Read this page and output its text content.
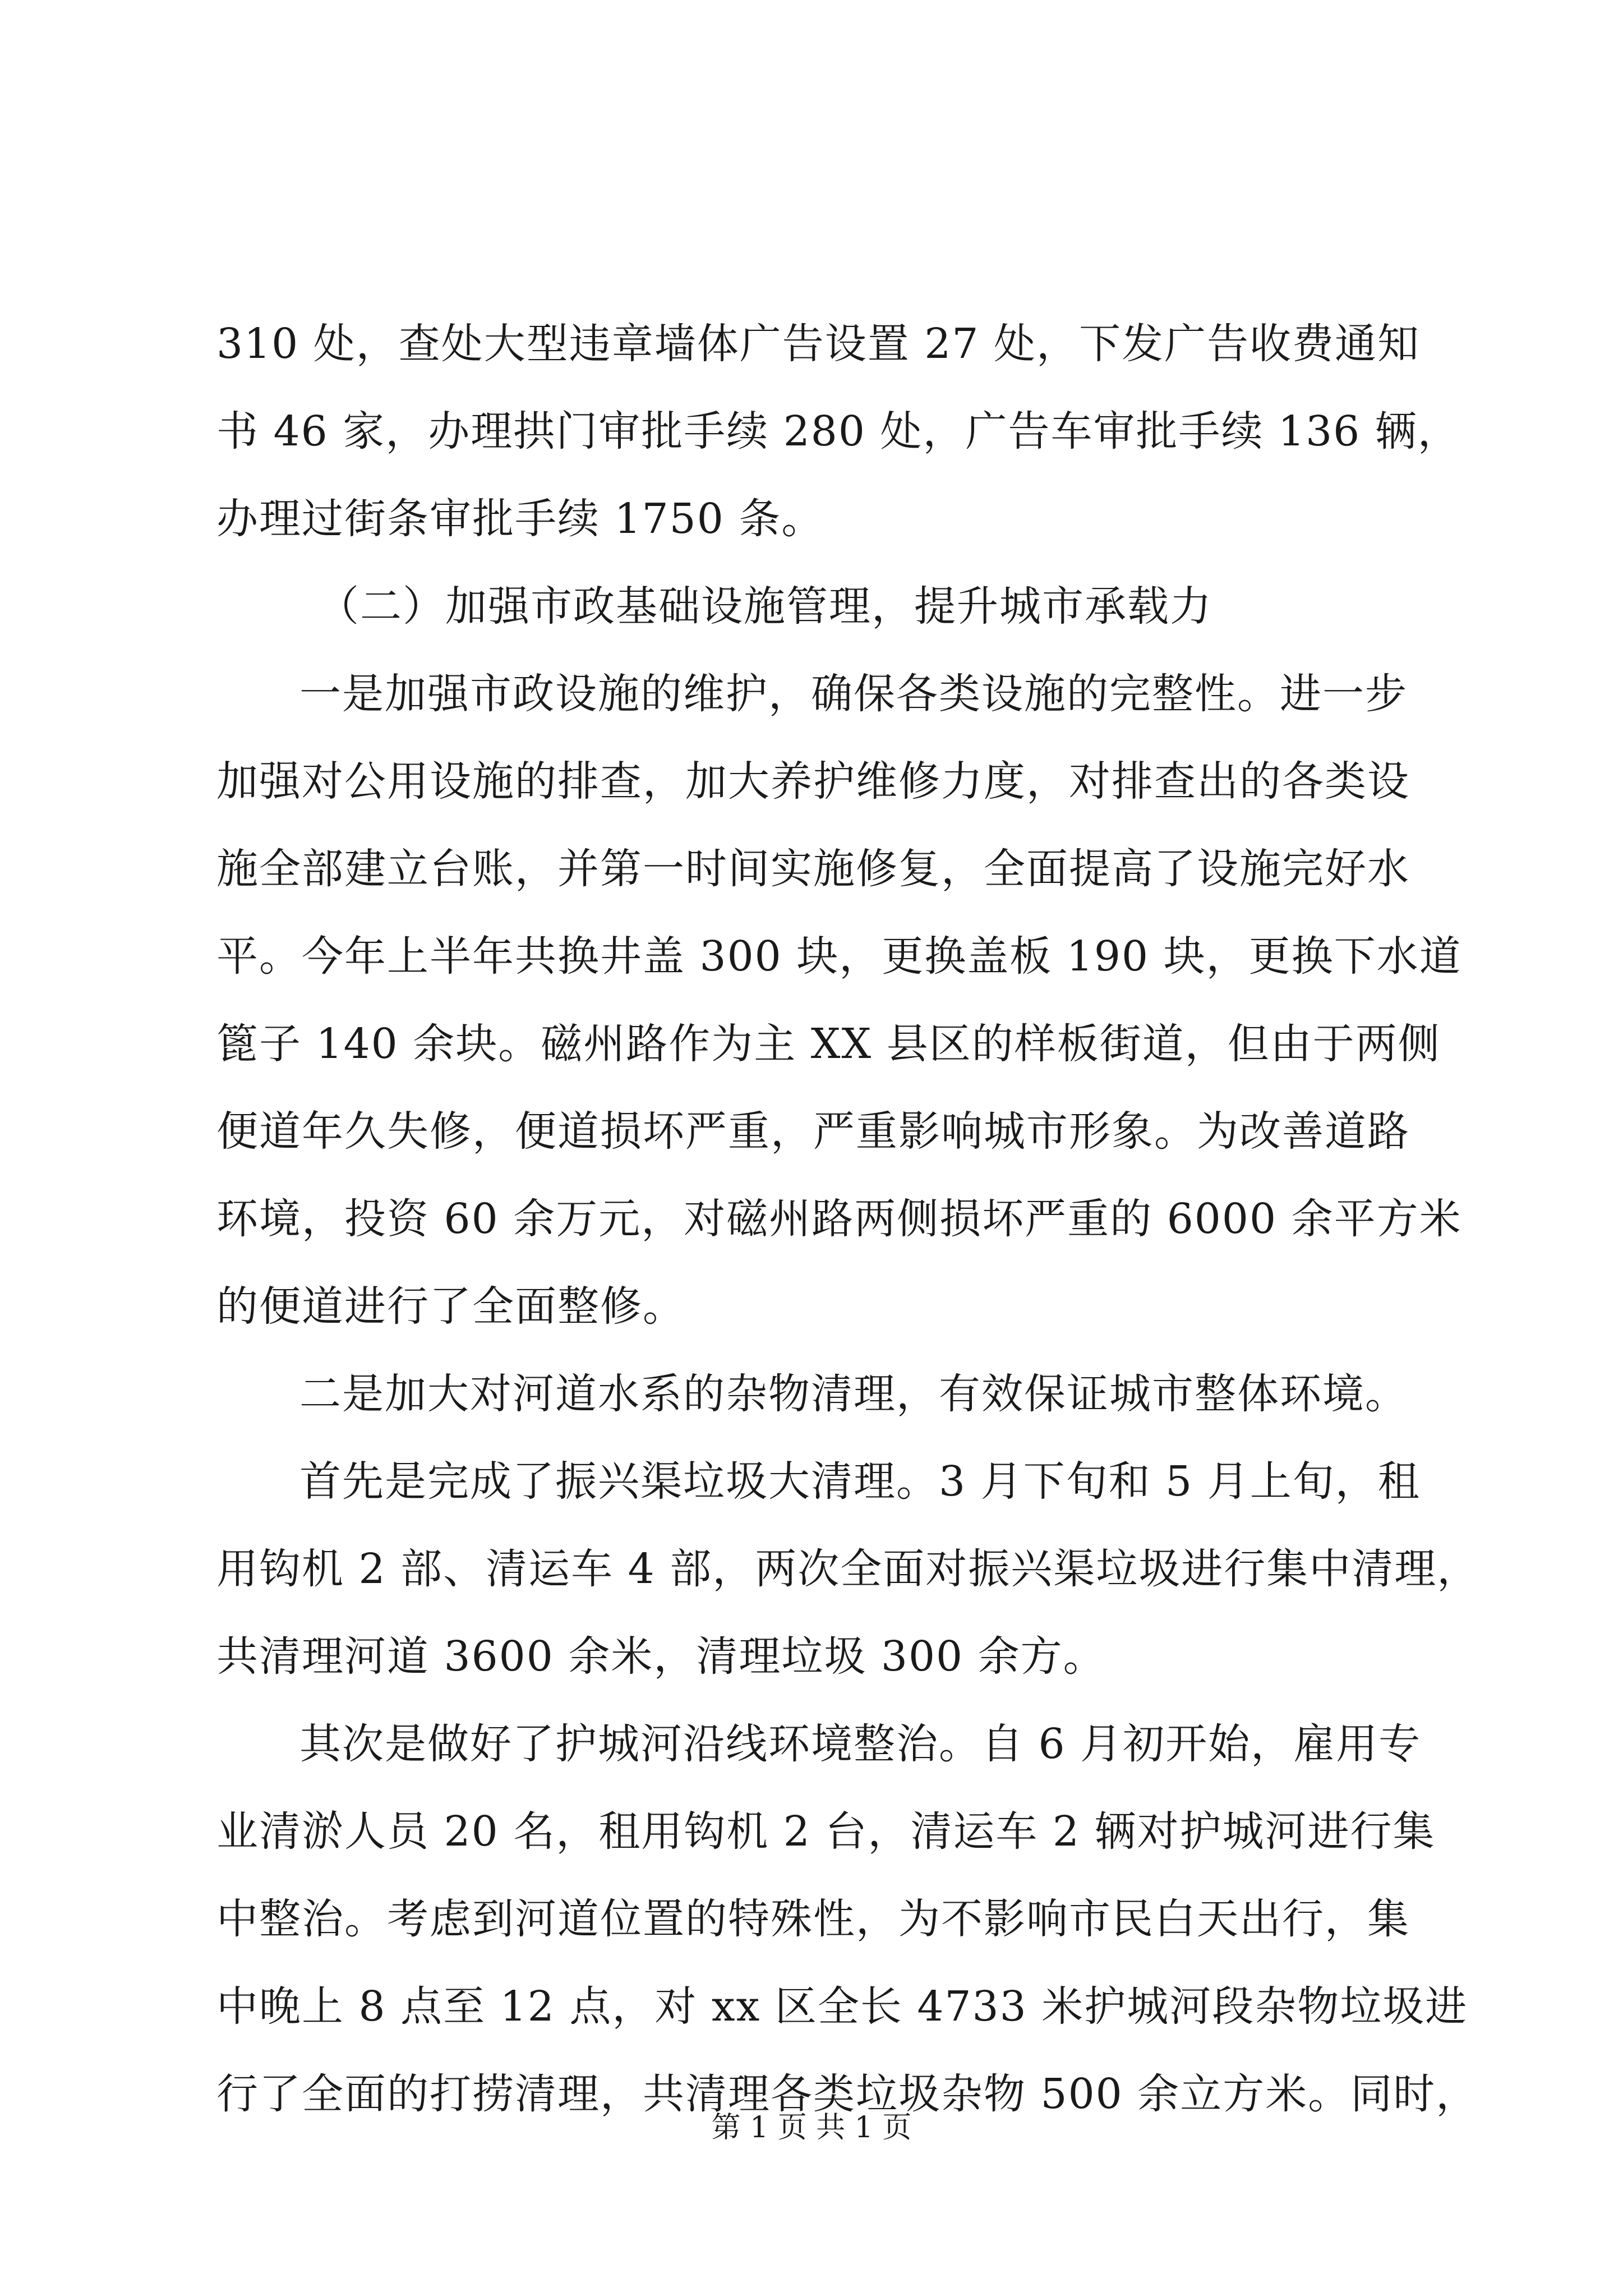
310 处，查处大型违章墙体广告设置 27 处，下发广告收费通知
书 46 家，办理拱门审批手续 280 处，广告车审批手续 136 辆，
办理过街条审批手续 1750 条。
（二）加强市政基础设施管理，提升城市承载力
一是加强市政设施的维护，确保各类设施的完整性。进一步
加强对公用设施的排查，加大养护维修力度，对排查出的各类设
施全部建立台账，并第一时间实施修复，全面提高了设施完好水
平。今年上半年共换井盖 300 块，更换盖板 190 块，更换下水道
篦子 140 余块。磁州路作为主 XX 县区的样板街道，但由于两侧
便道年久失修，便道损坏严重，严重影响城市形象。为改善道路
环境，投资 60 余万元，对磁州路两侧损坏严重的 6000 余平方米
的便道进行了全面整修。
二是加大对河道水系的杂物清理，有效保证城市整体环境。
首先是完成了振兴渠垃圾大清理。3 月下旬和 5 月上旬，租
用钩机 2 部、清运车 4 部，两次全面对振兴渠垃圾进行集中清理，
共清理河道 3600 余米，清理垃圾 300 余方。
其次是做好了护城河沿线环境整治。自 6 月初开始，雇用专
业清淤人员 20 名，租用钩机 2 台，清运车 2 辆对护城河进行集
中整治。考虑到河道位置的特殊性，为不影响市民白天出行，集
中晚上 8 点至 12 点，对 xx 区全长 4733 米护城河段杂物垃圾进
行了全面的打捞清理，共清理各类垃圾杂物 500 余立方米。同时，
第 1 页 共 1 页
